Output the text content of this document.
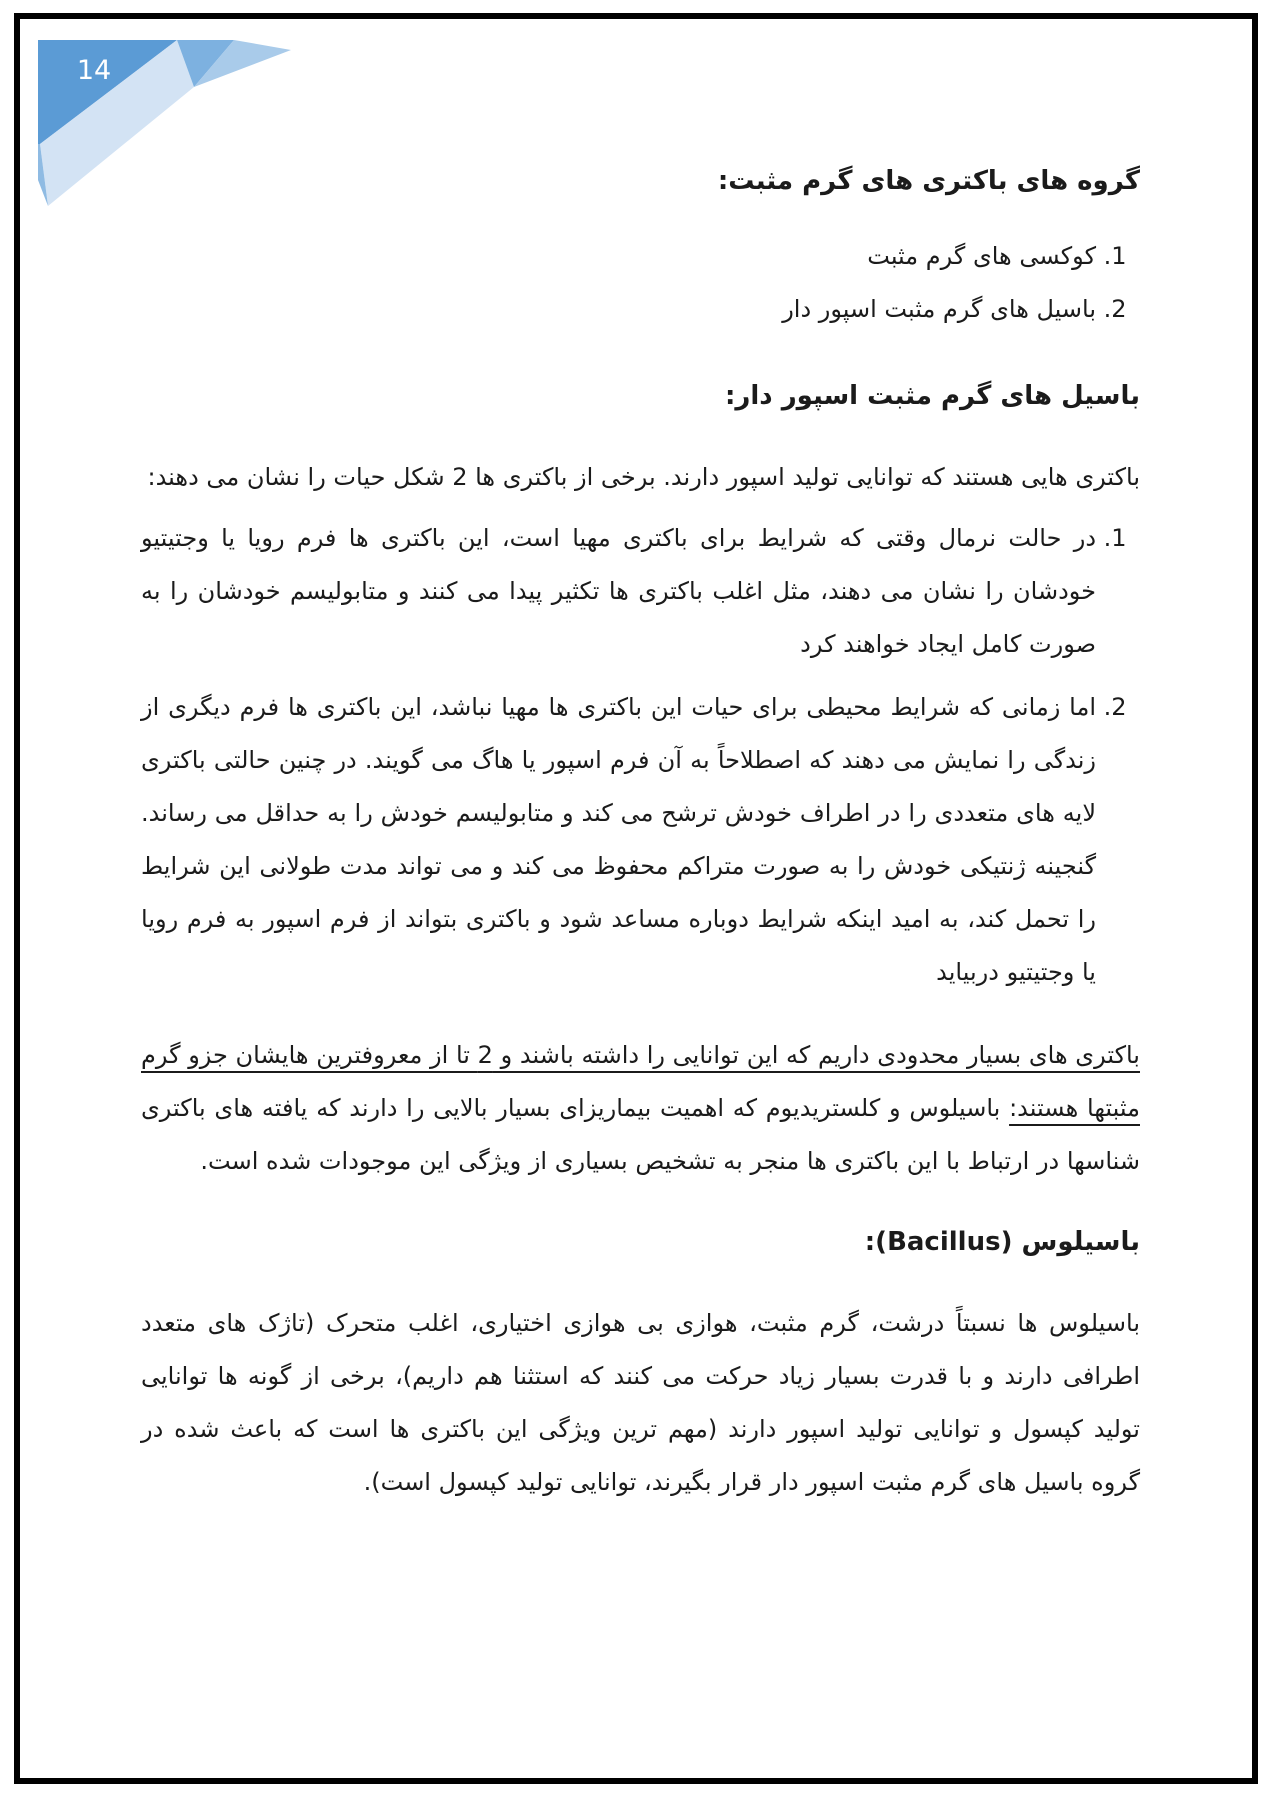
14
گروه های باکتری های گرم مثبت:
1. کوکسی های گرم مثبت
2. باسیل های گرم مثبت اسپور دار
باسیل های گرم مثبت اسپور دار:

باکتری هایی هستند که توانایی تولید اسپور دارند. برخی از باکتری ها 2 شکل حیات را نشان می دهند:

1. در حالت نرمال وقتی که شرایط برای باکتری مهیا است، این باکتری ها فرم رویا یا وجتیتیو خودشان را نشان می دهند، مثل اغلب باکتری ها تکثیر پیدا می کنند و متابولیسم خودشان را به صورت کامل ایجاد خواهند کرد
2. اما زمانی که شرایط محیطی برای حیات این باکتری ها مهیا نباشد، این باکتری ها فرم دیگری از زندگی را نمایش می دهند که اصطلاحاً به آن فرم اسپور یا هاگ می گویند. در چنین حالتی باکتری لایه های متعددی را در اطراف خودش ترشح می کند و متابولیسم خودش را به حداقل می رساند. گنجینه ژنتیکی خودش را به صورت متراکم محفوظ می کند و می تواند مدت طولانی این شرایط را تحمل کند، به امید اینکه شرایط دوباره مساعد شود و باکتری بتواند از فرم اسپور به فرم رویا یا وجتیتیو دربیاید

باکتری های بسیار محدودی داریم که این توانایی را داشته باشند و 2 تا از معروفترین هایشان جزو گرم مثبتها هستند: باسیلوس و کلستریدیوم که اهمیت بیماریزای بسیار بالایی را دارند که یافته های باکتری شناسها در ارتباط با این باکتری ها منجر به تشخیص بسیاری از ویژگی این موجودات شده است.

باسیلوس (Bacillus):

باسیلوس ها نسبتاً درشت، گرم مثبت، هوازی بی هوازی اختیاری، اغلب متحرک (تاژک های متعدد اطرافی دارند و با قدرت بسیار زیاد حرکت می کنند که استثنا هم داریم)، برخی از گونه ها توانایی تولید کپسول و توانایی تولید اسپور دارند (مهم ترین ویژگی این باکتری ها است که باعث شده در گروه باسیل های گرم مثبت اسپور دار قرار بگیرند، توانایی تولید کپسول است).
